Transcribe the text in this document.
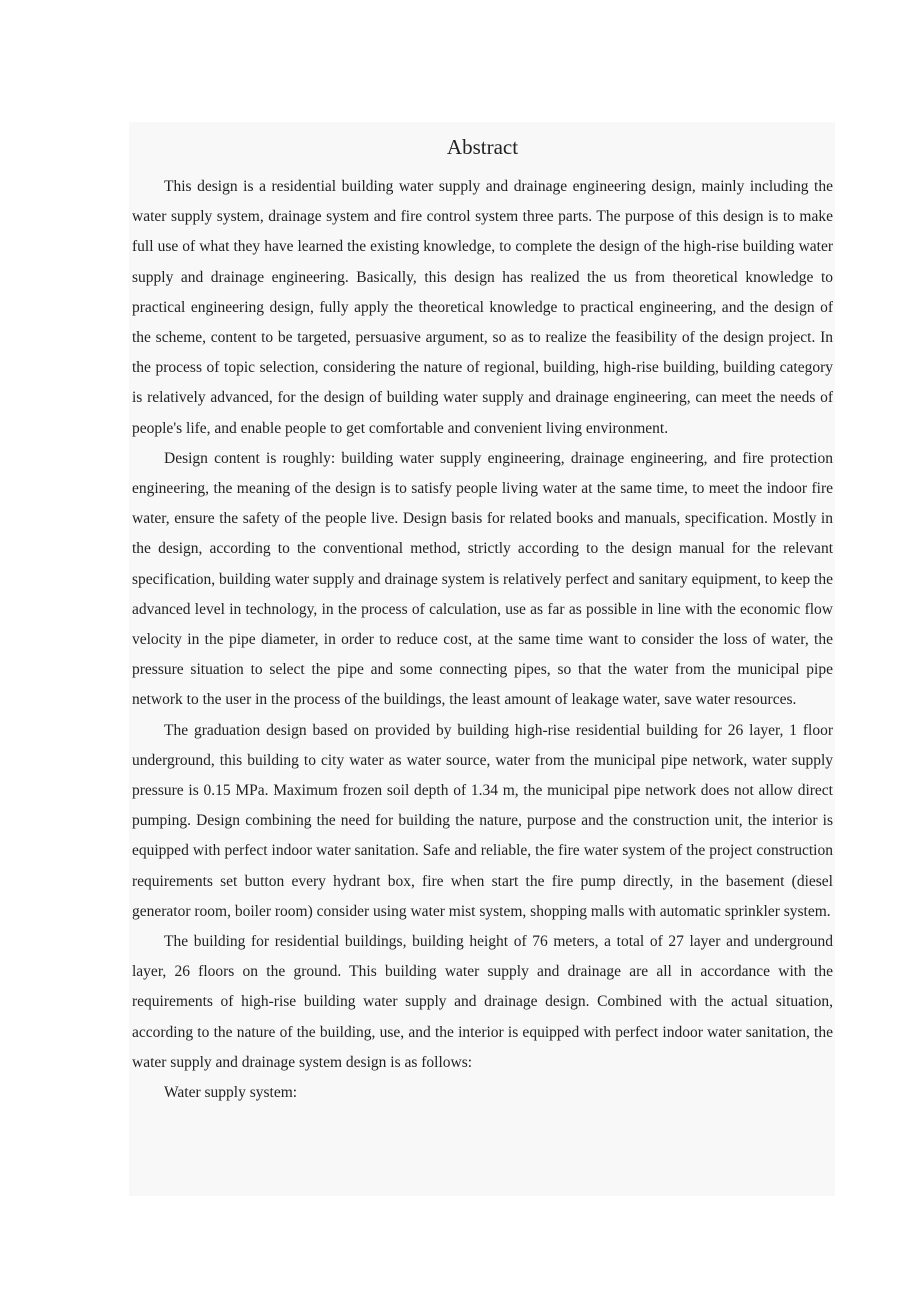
Abstract

This design is a residential building water supply and drainage engineering design, mainly including the water supply system, drainage system and fire control system three parts. The purpose of this design is to make full use of what they have learned the existing knowledge, to complete the design of the high-rise building water supply and drainage engineering. Basically, this design has realized the us from theoretical knowledge to practical engineering design, fully apply the theoretical knowledge to practical engineering, and the design of the scheme, content to be targeted, persuasive argument, so as to realize the feasibility of the design project. In the process of topic selection, considering the nature of regional, building, high-rise building, building category is relatively advanced, for the design of building water supply and drainage engineering, can meet the needs of people's life, and enable people to get comfortable and convenient living environment.

Design content is roughly: building water supply engineering, drainage engineering, and fire protection engineering, the meaning of the design is to satisfy people living water at the same time, to meet the indoor fire water, ensure the safety of the people live. Design basis for related books and manuals, specification. Mostly in the design, according to the conventional method, strictly according to the design manual for the relevant specification, building water supply and drainage system is relatively perfect and sanitary equipment, to keep the advanced level in technology, in the process of calculation, use as far as possible in line with the economic flow velocity in the pipe diameter, in order to reduce cost, at the same time want to consider the loss of water, the pressure situation to select the pipe and some connecting pipes, so that the water from the municipal pipe network to the user in the process of the buildings, the least amount of leakage water, save water resources.

The graduation design based on provided by building high-rise residential building for 26 layer, 1 floor underground, this building to city water as water source, water from the municipal pipe network, water supply pressure is 0.15 MPa. Maximum frozen soil depth of 1.34 m, the municipal pipe network does not allow direct pumping. Design combining the need for building the nature, purpose and the construction unit, the interior is equipped with perfect indoor water sanitation. Safe and reliable, the fire water system of the project construction requirements set button every hydrant box, fire when start the fire pump directly, in the basement (diesel generator room, boiler room) consider using water mist system, shopping malls with automatic sprinkler system.

The building for residential buildings, building height of 76 meters, a total of 27 layer and underground layer, 26 floors on the ground. This building water supply and drainage are all in accordance with the requirements of high-rise building water supply and drainage design. Combined with the actual situation, according to the nature of the building, use, and the interior is equipped with perfect indoor water sanitation, the water supply and drainage system design is as follows:

Water supply system:
